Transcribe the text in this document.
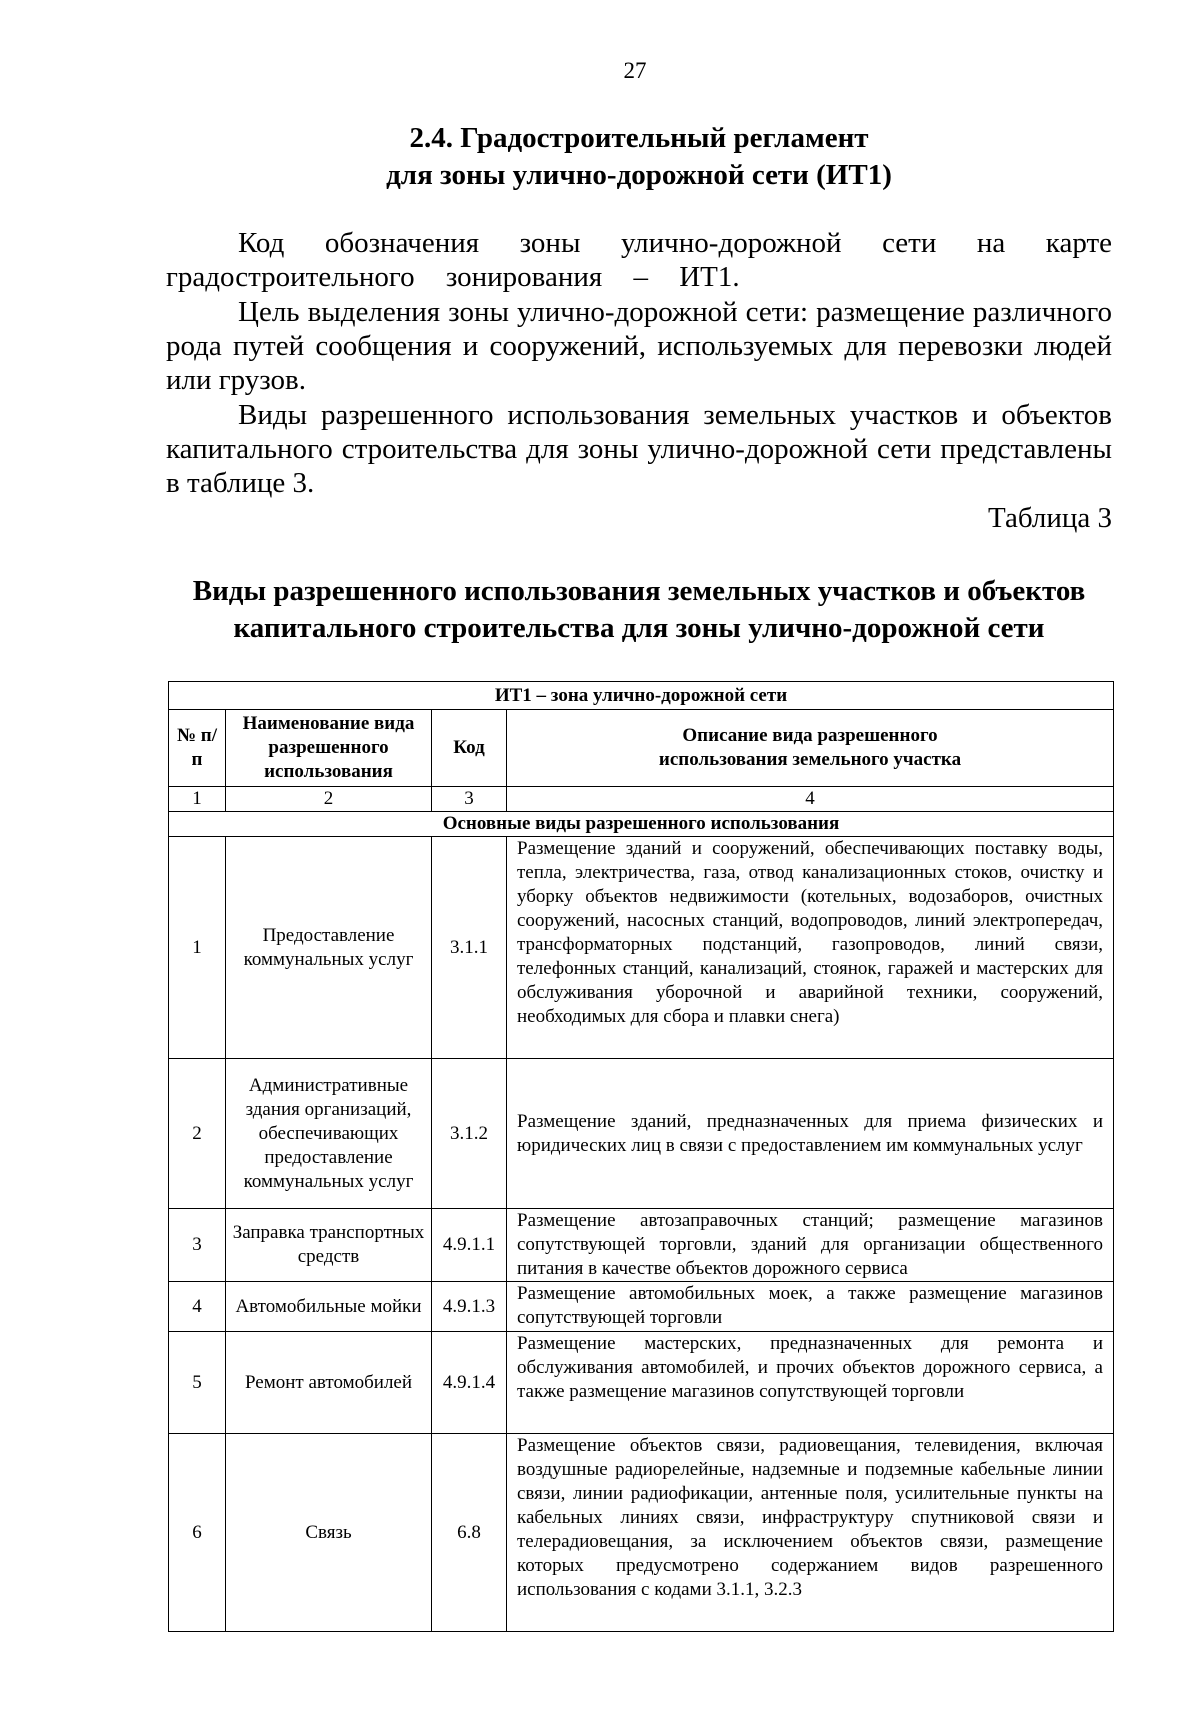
27
2.4. Градостроительный регламент
для зоны улично-дорожной сети (ИТ1)
Код обозначения зоны улично-дорожной сети на карте градостроительного зонирования – ИТ1.
Цель выделения зоны улично-дорожной сети: размещение различного рода путей сообщения и сооружений, используемых для перевозки людей или грузов.
Виды разрешенного использования земельных участков и объектов капитального строительства для зоны улично-дорожной сети представлены в таблице 3.
Таблица 3
Виды разрешенного использования земельных участков и объектов
капитального строительства для зоны улично-дорожной сети
ИТ1 – зона улично-дорожной сети			
№ п/п	Наименование вида разрешенного использования	Код	Описание вида разрешенного использования земельного участка
1	2	3	4
Основные виды разрешенного использования			
1	Предоставление коммунальных услуг	3.1.1	Размещение зданий и сооружений, обеспечивающих поставку воды, тепла, электричества, газа, отвод канализационных стоков, очистку и уборку объектов недвижимости (котельных, водозаборов, очистных сооружений, насосных станций, водопроводов, линий электропередач, трансформаторных подстанций, газопроводов, линий связи, телефонных станций, канализаций, стоянок, гаражей и мастерских для обслуживания уборочной и аварийной техники, сооружений, необходимых для сбора и плавки снега)
2	Административные здания организаций, обеспечивающих предоставление коммунальных услуг	3.1.2	Размещение зданий, предназначенных для приема физических и юридических лиц в связи с предоставлением им коммунальных услуг
3	Заправка транспортных средств	4.9.1.1	Размещение автозаправочных станций; размещение магазинов сопутствующей торговли, зданий для организации общественного питания в качестве объектов дорожного сервиса
4	Автомобильные мойки	4.9.1.3	Размещение автомобильных моек, а также размещение магазинов сопутствующей торговли
5	Ремонт автомобилей	4.9.1.4	Размещение мастерских, предназначенных для ремонта и обслуживания автомобилей, и прочих объектов дорожного сервиса, а также размещение магазинов сопутствующей торговли
6	Связь	6.8	Размещение объектов связи, радиовещания, телевидения, включая воздушные радиорелейные, надземные и подземные кабельные линии связи, линии радиофикации, антенные поля, усилительные пункты на кабельных линиях связи, инфраструктуру спутниковой связи и телерадиовещания, за исключением объектов связи, размещение которых предусмотрено содержанием видов разрешенного использования с кодами 3.1.1, 3.2.3
